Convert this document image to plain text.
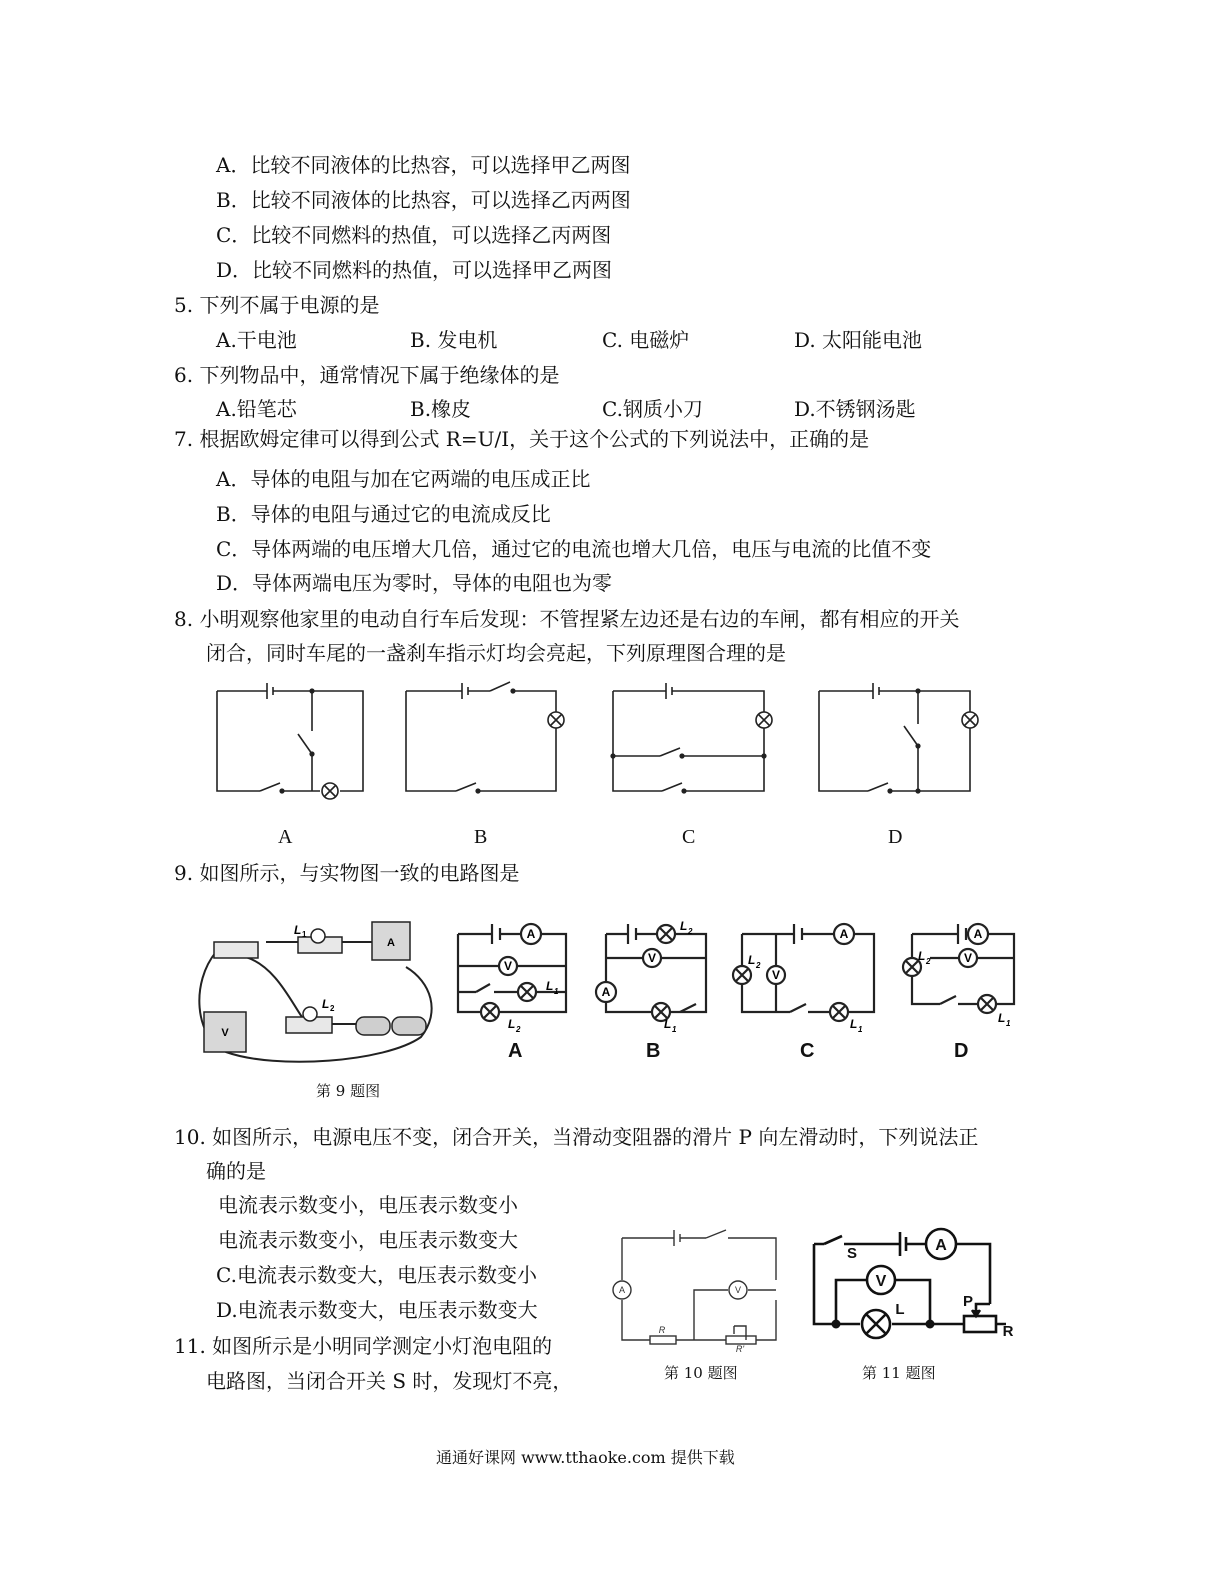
A．比较不同液体的比热容，可以选择甲乙两图
B．比较不同液体的比热容，可以选择乙丙两图
C．比较不同燃料的热值，可以选择乙丙两图
D．比较不同燃料的热值，可以选择甲乙两图
5. 下列不属于电源的是
A.干电池	B. 发电机	C. 电磁炉	D. 太阳能电池
6. 下列物品中，通常情况下属于绝缘体的是
A.铅笔芯	B.橡皮	C.钢质小刀	D.不锈钢汤匙
7. 根据欧姆定律可以得到公式 R=U/I，关于这个公式的下列说法中，正确的是
A．导体的电阻与加在它两端的电压成正比
B．导体的电阻与通过它的电流成反比
C．导体两端的电压增大几倍，通过它的电流也增大几倍，电压与电流的比值不变
D．导体两端电压为零时，导体的电阻也为零
8. 小明观察他家里的电动自行车后发现：不管捏紧左边还是右边的车闸，都有相应的开关
闭合，同时车尾的一盏刹车指示灯均会亮起，下列原理图合理的是
A	B	C	D
9. 如图所示，与实物图一致的电路图是
A
V
L 1
L 2
第 9 题图
A
V
V
A
A
V
A
V
L 1
L 2
L 2
L 1
L 2
L 1
L 2
L 1
A	B	C	D
10. 如图所示，电源电压不变，闭合开关，当滑动变阻器的滑片 P 向左滑动时，下列说法正
确的是
电流表示数变小，电压表示数变小
电流表示数变小，电压表示数变大
C.电流表示数变大，电压表示数变小
D.电流表示数变大，电压表示数变大
11. 如图所示是小明同学测定小灯泡电阻的
电路图，当闭合开关 S 时，发现灯不亮，
A	V
R
R'
第 10 题图
A
V
S
L	P
R
第 11 题图
通通好课网 www.tthaoke.com 提供下载
